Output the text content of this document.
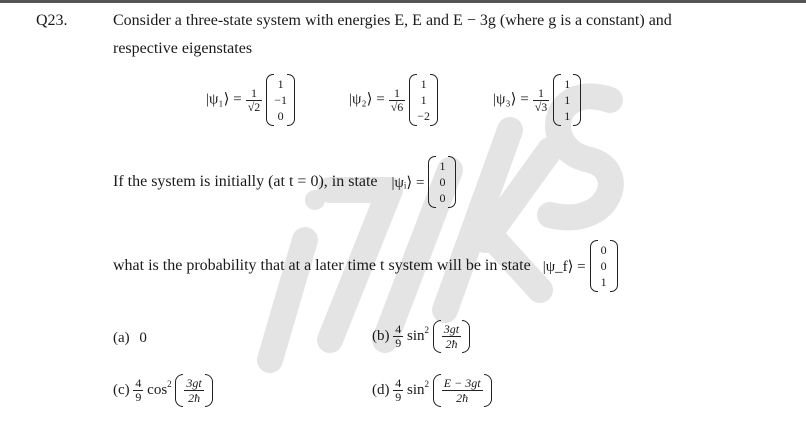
Q23.	Consider a three-state system with energies E, E and E − 3g (where g is a constant) and
respective eigenstates
|ψ₁⟩ = $\frac{1}{√2}$

1
−1
0
|ψ₂⟩ = $\frac{1}{√6}$

1
1
−2
|ψ₃⟩ = $\frac{1}{√3}$

1
1
1
If the system is initially (at t = 0), in state |ψᵢ⟩ =
1
0
0
what is the probability that at a later time t system will be in state |ψ_f⟩ =
0
0
1
(a) 0	$(b) \frac{4}{9} \sin^2 \frac{3gt}{2ħ}$
$(c) \frac{4}{9} \cos^2 \frac{3gt}{2ħ}$	$(d) \frac{4}{9} \sin^2 \frac{E - 3gt}{2ħ}$
